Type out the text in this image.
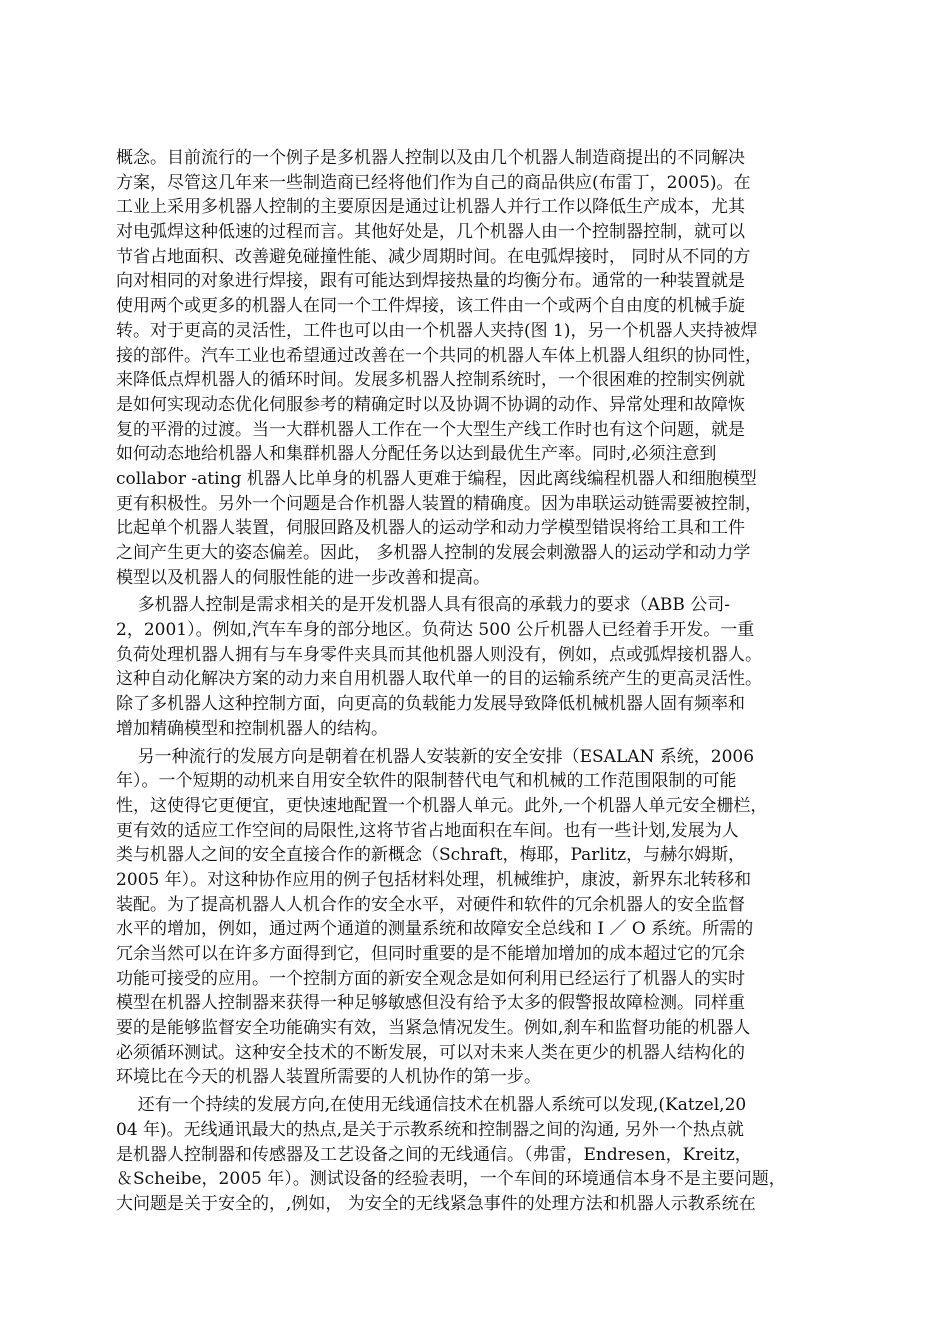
概念。目前流行的一个例子是多机器人控制以及由几个机器人制造商提出的不同解决
方案，尽管这几年来一些制造商已经将他们作为自己的商品供应(布雷丁，2005)。在
工业上采用多机器人控制的主要原因是通过让机器人并行工作以降低生产成本，尤其
对电弧焊这种低速的过程而言。其他好处是，几个机器人由一个控制器控制，就可以
节省占地面积、改善避免碰撞性能、减少周期时间。在电弧焊接时， 同时从不同的方
向对相同的对象进行焊接，跟有可能达到焊接热量的均衡分布。通常的一种装置就是
使用两个或更多的机器人在同一个工件焊接，该工件由一个或两个自由度的机械手旋
转。对于更高的灵活性，工件也可以由一个机器人夹持(图 1)，另一个机器人夹持被焊
接的部件。汽车工业也希望通过改善在一个共同的机器人车体上机器人组织的协同性，
来降低点焊机器人的循环时间。发展多机器人控制系统时，一个很困难的控制实例就
是如何实现动态优化伺服参考的精确定时以及协调不协调的动作、异常处理和故障恢
复的平滑的过渡。当一大群机器人工作在一个大型生产线工作时也有这个问题，就是
如何动态地给机器人和集群机器人分配任务以达到最优生产率。同时,必须注意到
collabor -ating 机器人比单身的机器人更难于编程，因此离线编程机器人和细胞模型
更有积极性。另外一个问题是合作机器人装置的精确度。因为串联运动链需要被控制，
比起单个机器人装置，伺服回路及机器人的运动学和动力学模型错误将给工具和工件
之间产生更大的姿态偏差。因此， 多机器人控制的发展会刺激器人的运动学和动力学
模型以及机器人的伺服性能的进一步改善和提高。
多机器人控制是需求相关的是开发机器人具有很高的承载力的要求（ABB 公司-
2，2001）。例如,汽车车身的部分地区。负荷达 500 公斤机器人已经着手开发。一重
负荷处理机器人拥有与车身零件夹具而其他机器人则没有，例如，点或弧焊接机器人。
这种自动化解决方案的动力来自用机器人取代单一的目的运输系统产生的更高灵活性。
除了多机器人这种控制方面，向更高的负载能力发展导致降低机械机器人固有频率和
增加精确模型和控制机器人的结构。
另一种流行的发展方向是朝着在机器人安装新的安全安排（ESALAN 系统，2006
年）。一个短期的动机来自用安全软件的限制替代电气和机械的工作范围限制的可能
性，这使得它更便宜，更快速地配置一个机器人单元。此外,一个机器人单元安全栅栏，
更有效的适应工作空间的局限性,这将节省占地面积在车间。也有一些计划,发展为人
类与机器人之间的安全直接合作的新概念（Schraft，梅耶，Parlitz，与赫尔姆斯，
2005 年）。对这种协作应用的例子包括材料处理，机械维护，康波，新界东北转移和
装配。为了提高机器人人机合作的安全水平，对硬件和软件的冗余机器人的安全监督
水平的增加，例如，通过两个通道的测量系统和故障安全总线和 I ／ O 系统。所需的
冗余当然可以在许多方面得到它，但同时重要的是不能增加增加的成本超过它的冗余
功能可接受的应用。一个控制方面的新安全观念是如何利用已经运行了机器人的实时
模型在机器人控制器来获得一种足够敏感但没有给予太多的假警报故障检测。同样重
要的是能够监督安全功能确实有效，当紧急情况发生。例如,刹车和监督功能的机器人
必须循环测试。这种安全技术的不断发展，可以对未来人类在更少的机器人结构化的
环境比在今天的机器人装置所需要的人机协作的第一步。
还有一个持续的发展方向,在使用无线通信技术在机器人系统可以发现,(Katzel,20
04 年)。无线通讯最大的热点,是关于示教系统和控制器之间的沟通, 另外一个热点就
是机器人控制器和传感器及工艺设备之间的无线通信。（弗雷，Endresen，Kreitz，
＆Scheibe，2005 年）。测试设备的经验表明，一个车间的环境通信本身不是主要问题，
大问题是关于安全的，,例如， 为安全的无线紧急事件的处理方法和机器人示教系统在
